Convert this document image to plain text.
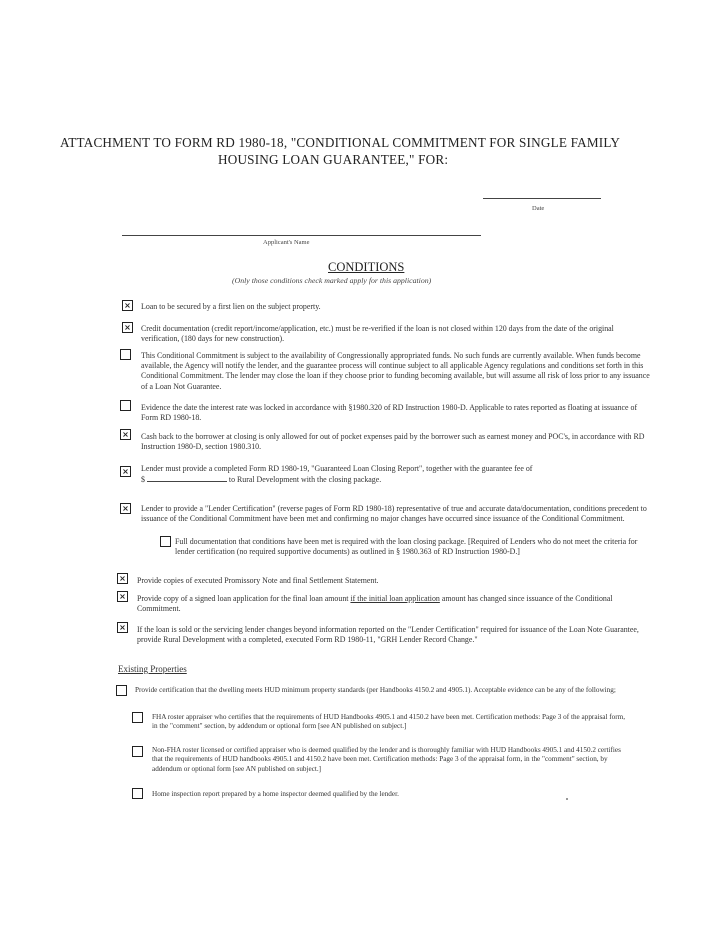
ATTACHMENT TO FORM RD 1980-18, "CONDITIONAL COMMITMENT FOR SINGLE FAMILY
HOUSING LOAN GUARANTEE," FOR:
Date
Applicant's Name
CONDITIONS
(Only those conditions check marked apply for this application)
× Loan to be secured by a first lien on the subject property.
× Credit documentation (credit report/income/application, etc.) must be re-verified if the loan is not closed within 120 days from the date of the original verification, (180 days for new construction).
This Conditional Commitment is subject to the availability of Congressionally appropriated funds. No such funds are currently available. When funds become available, the Agency will notify the lender, and the guarantee process will continue subject to all applicable Agency regulations and conditions set forth in this Conditional Commitment. The lender may close the loan if they choose prior to funding becoming available, but will assume all risk of loss prior to any issuance of a Loan Not Guarantee.
Evidence the date the interest rate was locked in accordance with §1980.320 of RD Instruction 1980-D. Applicable to rates reported as floating at issuance of Form RD 1980-18.
× Cash back to the borrower at closing is only allowed for out of pocket expenses paid by the borrower such as earnest money and POC's, in accordance with RD Instruction 1980-D, section 1980.310.
× Lender must provide a completed Form RD 1980-19, "Guaranteed Loan Closing Report", together with the guarantee fee of
$	to Rural Development with the closing package.
× Lender to provide a "Lender Certification" (reverse pages of Form RD 1980-18) representative of true and accurate data/documentation, conditions precedent to issuance of the Conditional Commitment have been met and confirming no major changes have occurred since issuance of the Conditional Commitment.
Full documentation that conditions have been met is required with the loan closing package. [Required of Lenders who do not meet the criteria for lender certification (no required supportive documents) as outlined in § 1980.363 of RD Instruction 1980-D.]
× Provide copies of executed Promissory Note and final Settlement Statement.
× Provide copy of a signed loan application for the final loan amount if the initial loan application amount has changed since issuance of the Conditional Commitment.
× If the loan is sold or the servicing lender changes beyond information reported on the "Lender Certification" required for issuance of the Loan Note Guarantee, provide Rural Development with a completed, executed Form RD 1980-11, "GRH Lender Record Change."
Existing Properties
Provide certification that the dwelling meets HUD minimum property standards (per Handbooks 4150.2 and 4905.1). Acceptable evidence can be any of the following;
FHA roster appraiser who certifies that the requirements of HUD Handbooks 4905.1 and 4150.2 have been met. Certification methods: Page 3 of the appraisal form, in the "comment" section, by addendum or optional form [see AN published on subject.]
Non-FHA roster licensed or certified appraiser who is deemed qualified by the lender and is thoroughly familiar with HUD Handbooks 4905.1 and 4150.2 certifies that the requirements of HUD handbooks 4905.1 and 4150.2 have been met. Certification methods: Page 3 of the appraisal form, in the "comment" section, by addendum or optional form [see AN published on subject.]
Home inspection report prepared by a home inspector deemed qualified by the lender.
